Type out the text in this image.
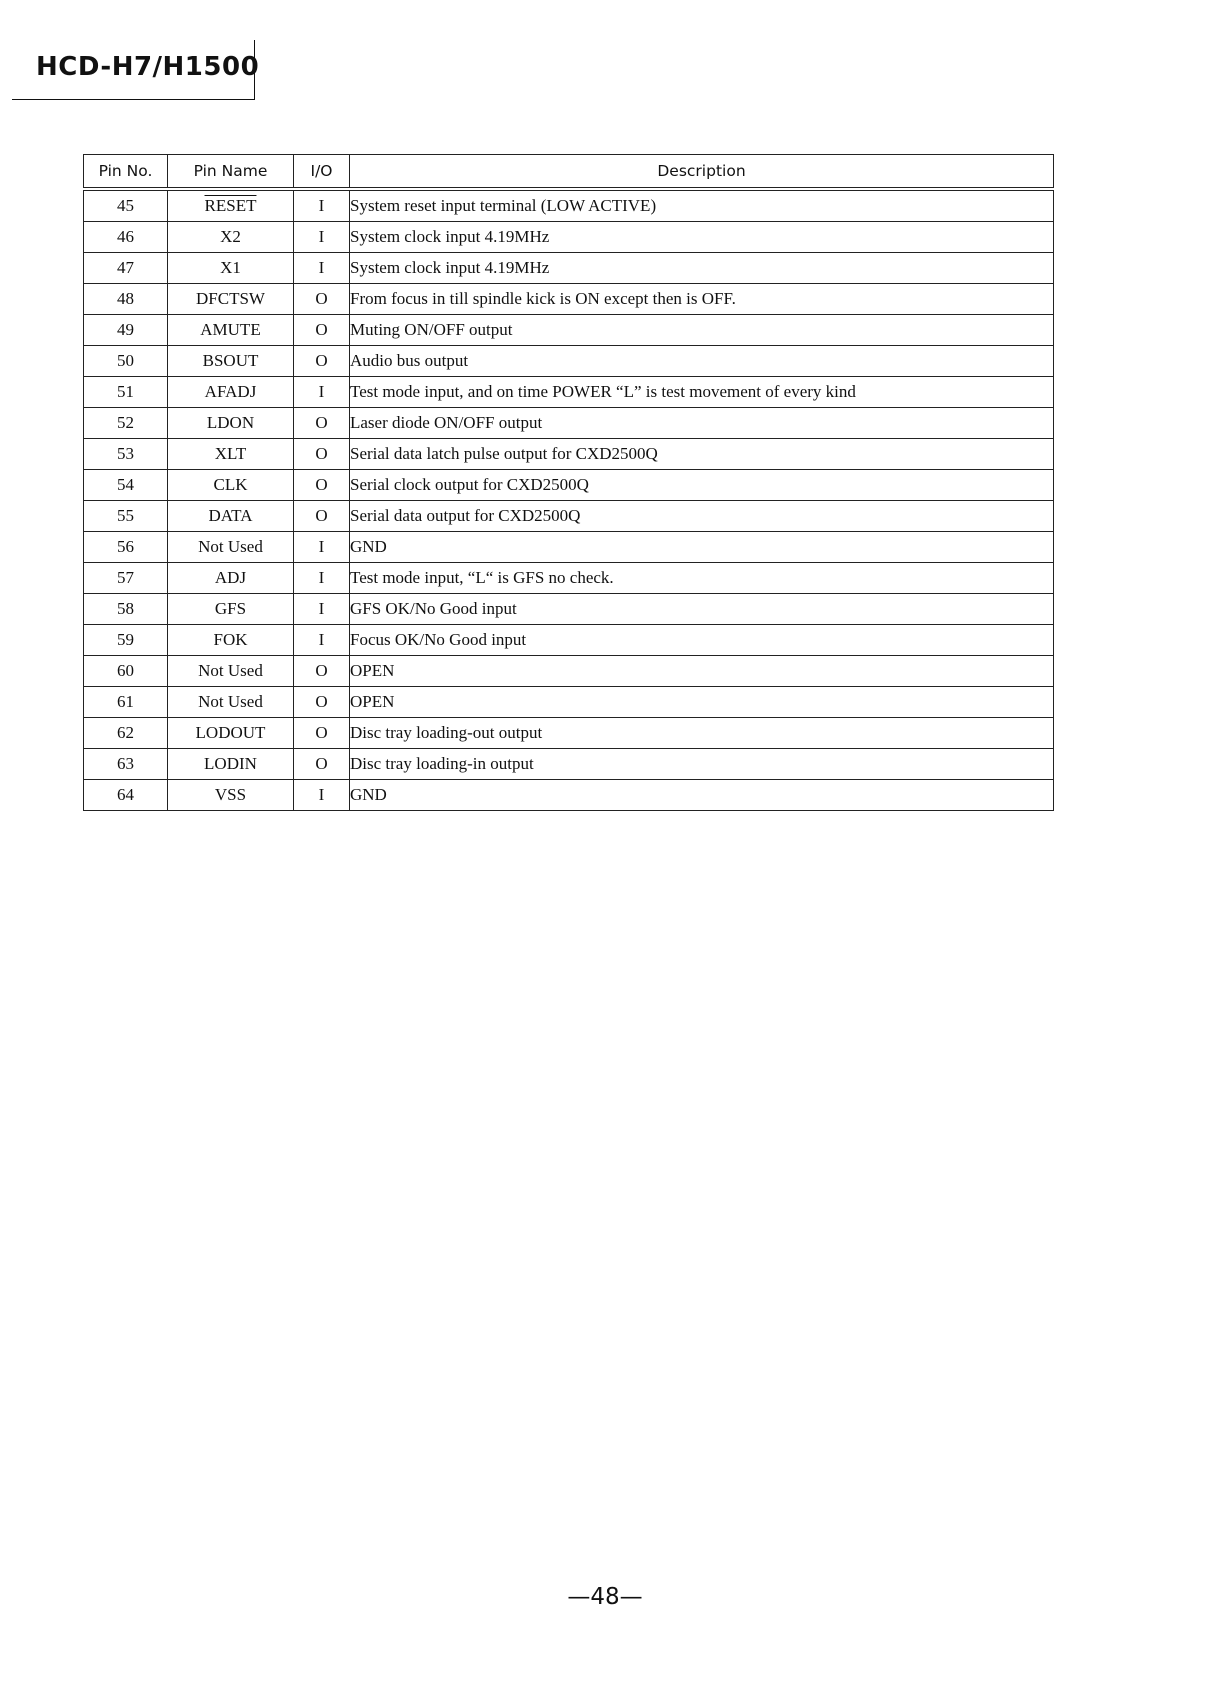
HCD-H7/H1500
Pin No.	Pin Name	I/O	Description
45	RESET	I	System reset input terminal (LOW ACTIVE)
46	X2	I	System clock input 4.19MHz
47	X1	I	System clock input 4.19MHz
48	DFCTSW	O	From focus in till spindle kick is ON except then is OFF.
49	AMUTE	O	Muting ON/OFF output
50	BSOUT	O	Audio bus output
51	AFADJ	I	Test mode input, and on time POWER “L” is test movement of every kind
52	LDON	O	Laser diode ON/OFF output
53	XLT	O	Serial data latch pulse output for CXD2500Q
54	CLK	O	Serial clock output for CXD2500Q
55	DATA	O	Serial data output for CXD2500Q
56	Not Used	I	GND
57	ADJ	I	Test mode input, “L“ is GFS no check.
58	GFS	I	GFS OK/No Good input
59	FOK	I	Focus OK/No Good input
60	Not Used	O	OPEN
61	Not Used	O	OPEN
62	LODOUT	O	Disc tray loading-out output
63	LODIN	O	Disc tray loading-in output
64	VSS	I	GND
—48—
